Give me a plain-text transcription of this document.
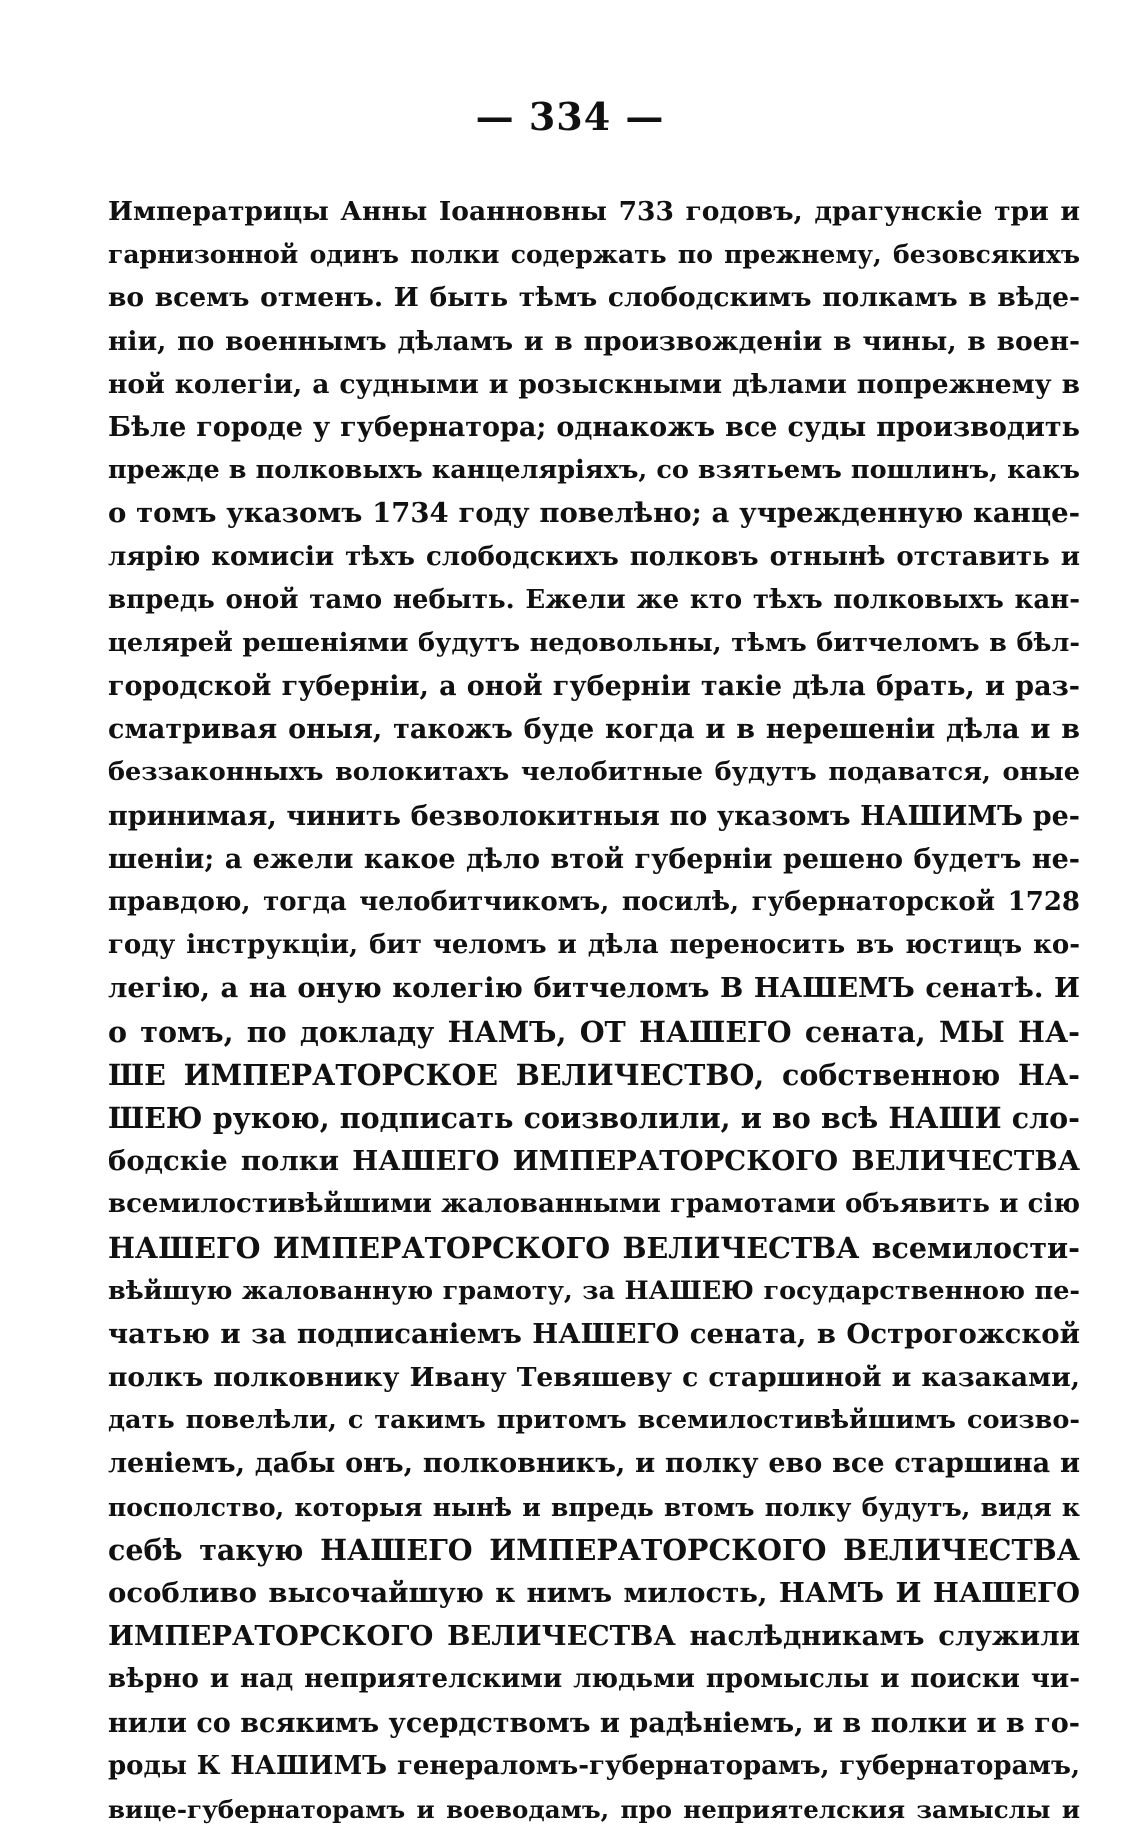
— 334 —
Императрицы Анны Іоанновны 733 годовъ, драгунскіе три и
гарнизонной одинъ полки содержать по прежнему, безовсякихъ
во всемъ отменъ. И быть тѣмъ слободскимъ полкамъ в вѣде-
ніи, по военнымъ дѣламъ и в произвожденіи в чины, в воен-
ной колегіи, а судными и розыскными дѣлами попрежнему в
Бѣле городе у губернатора; однакожъ все суды производить
прежде в полковыхъ канцеляріяхъ, со взятьемъ пошлинъ, какъ
о томъ указомъ 1734 году повелѣно; а учрежденную канце-
лярію комисіи тѣхъ слободскихъ полковъ отнынѣ отставить и
впредь оной тамо небыть. Ежели же кто тѣхъ полковыхъ кан-
целярей решеніями будутъ недовольны, тѣмъ битчеломъ в бѣл-
городской губерніи, а оной губерніи такіе дѣла брать, и раз-
сматривая оныя, такожъ буде когда и в нерешеніи дѣла и в
беззаконныхъ волокитахъ челобитные будутъ подаватся, оные
принимая, чинить безволокитныя по указомъ НАШИМЪ ре-
шеніи; а ежели какое дѣло втой губерніи решено будетъ не-
правдою, тогда челобитчикомъ, посилѣ, губернаторской 1728
году інструкціи, бит челомъ и дѣла переносить въ юстицъ ко-
легію, а на оную колегію битчеломъ В НАШЕМЪ сенатѣ. И
о томъ, по докладу НАМЪ, ОТ НАШЕГО сената, МЫ НА-
ШЕ ИМПЕРАТОРСКОЕ ВЕЛИЧЕСТВО, собственною НА-
ШЕЮ рукою, подписать соизволили, и во всѣ НАШИ сло-
бодскіе полки НАШЕГО ИМПЕРАТОРСКОГО ВЕЛИЧЕСТВА
всемилостивѣйшими жалованными грамотами объявить и сію
НАШЕГО ИМПЕРАТОРСКОГО ВЕЛИЧЕСТВА всемилости-
вѣйшую жалованную грамоту, за НАШЕЮ государственною пе-
чатью и за подписаніемъ НАШЕГО сената, в Острогожской
полкъ полковнику Ивану Тевяшеву с старшиной и казаками,
дать повелѣли, с такимъ притомъ всемилостивѣйшимъ соизво-
леніемъ, дабы онъ, полковникъ, и полку ево все старшина и
посполство, которыя нынѣ и впредь втомъ полку будутъ, видя к
себѣ такую НАШЕГО ИМПЕРАТОРСКОГО ВЕЛИЧЕСТВА
особливо высочайшую к нимъ милость, НАМЪ И НАШЕГО
ИМПЕРАТОРСКОГО ВЕЛИЧЕСТВА наслѣдникамъ служили
вѣрно и над неприятелскими людьми промыслы и поиски чи-
нили со всякимъ усердствомъ и радѣніемъ, и в полки и в го-
роды К НАШИМЪ генераломъ-губернаторамъ, губернаторамъ,
вице-губернаторамъ и воеводамъ, про неприятелския замыслы и
